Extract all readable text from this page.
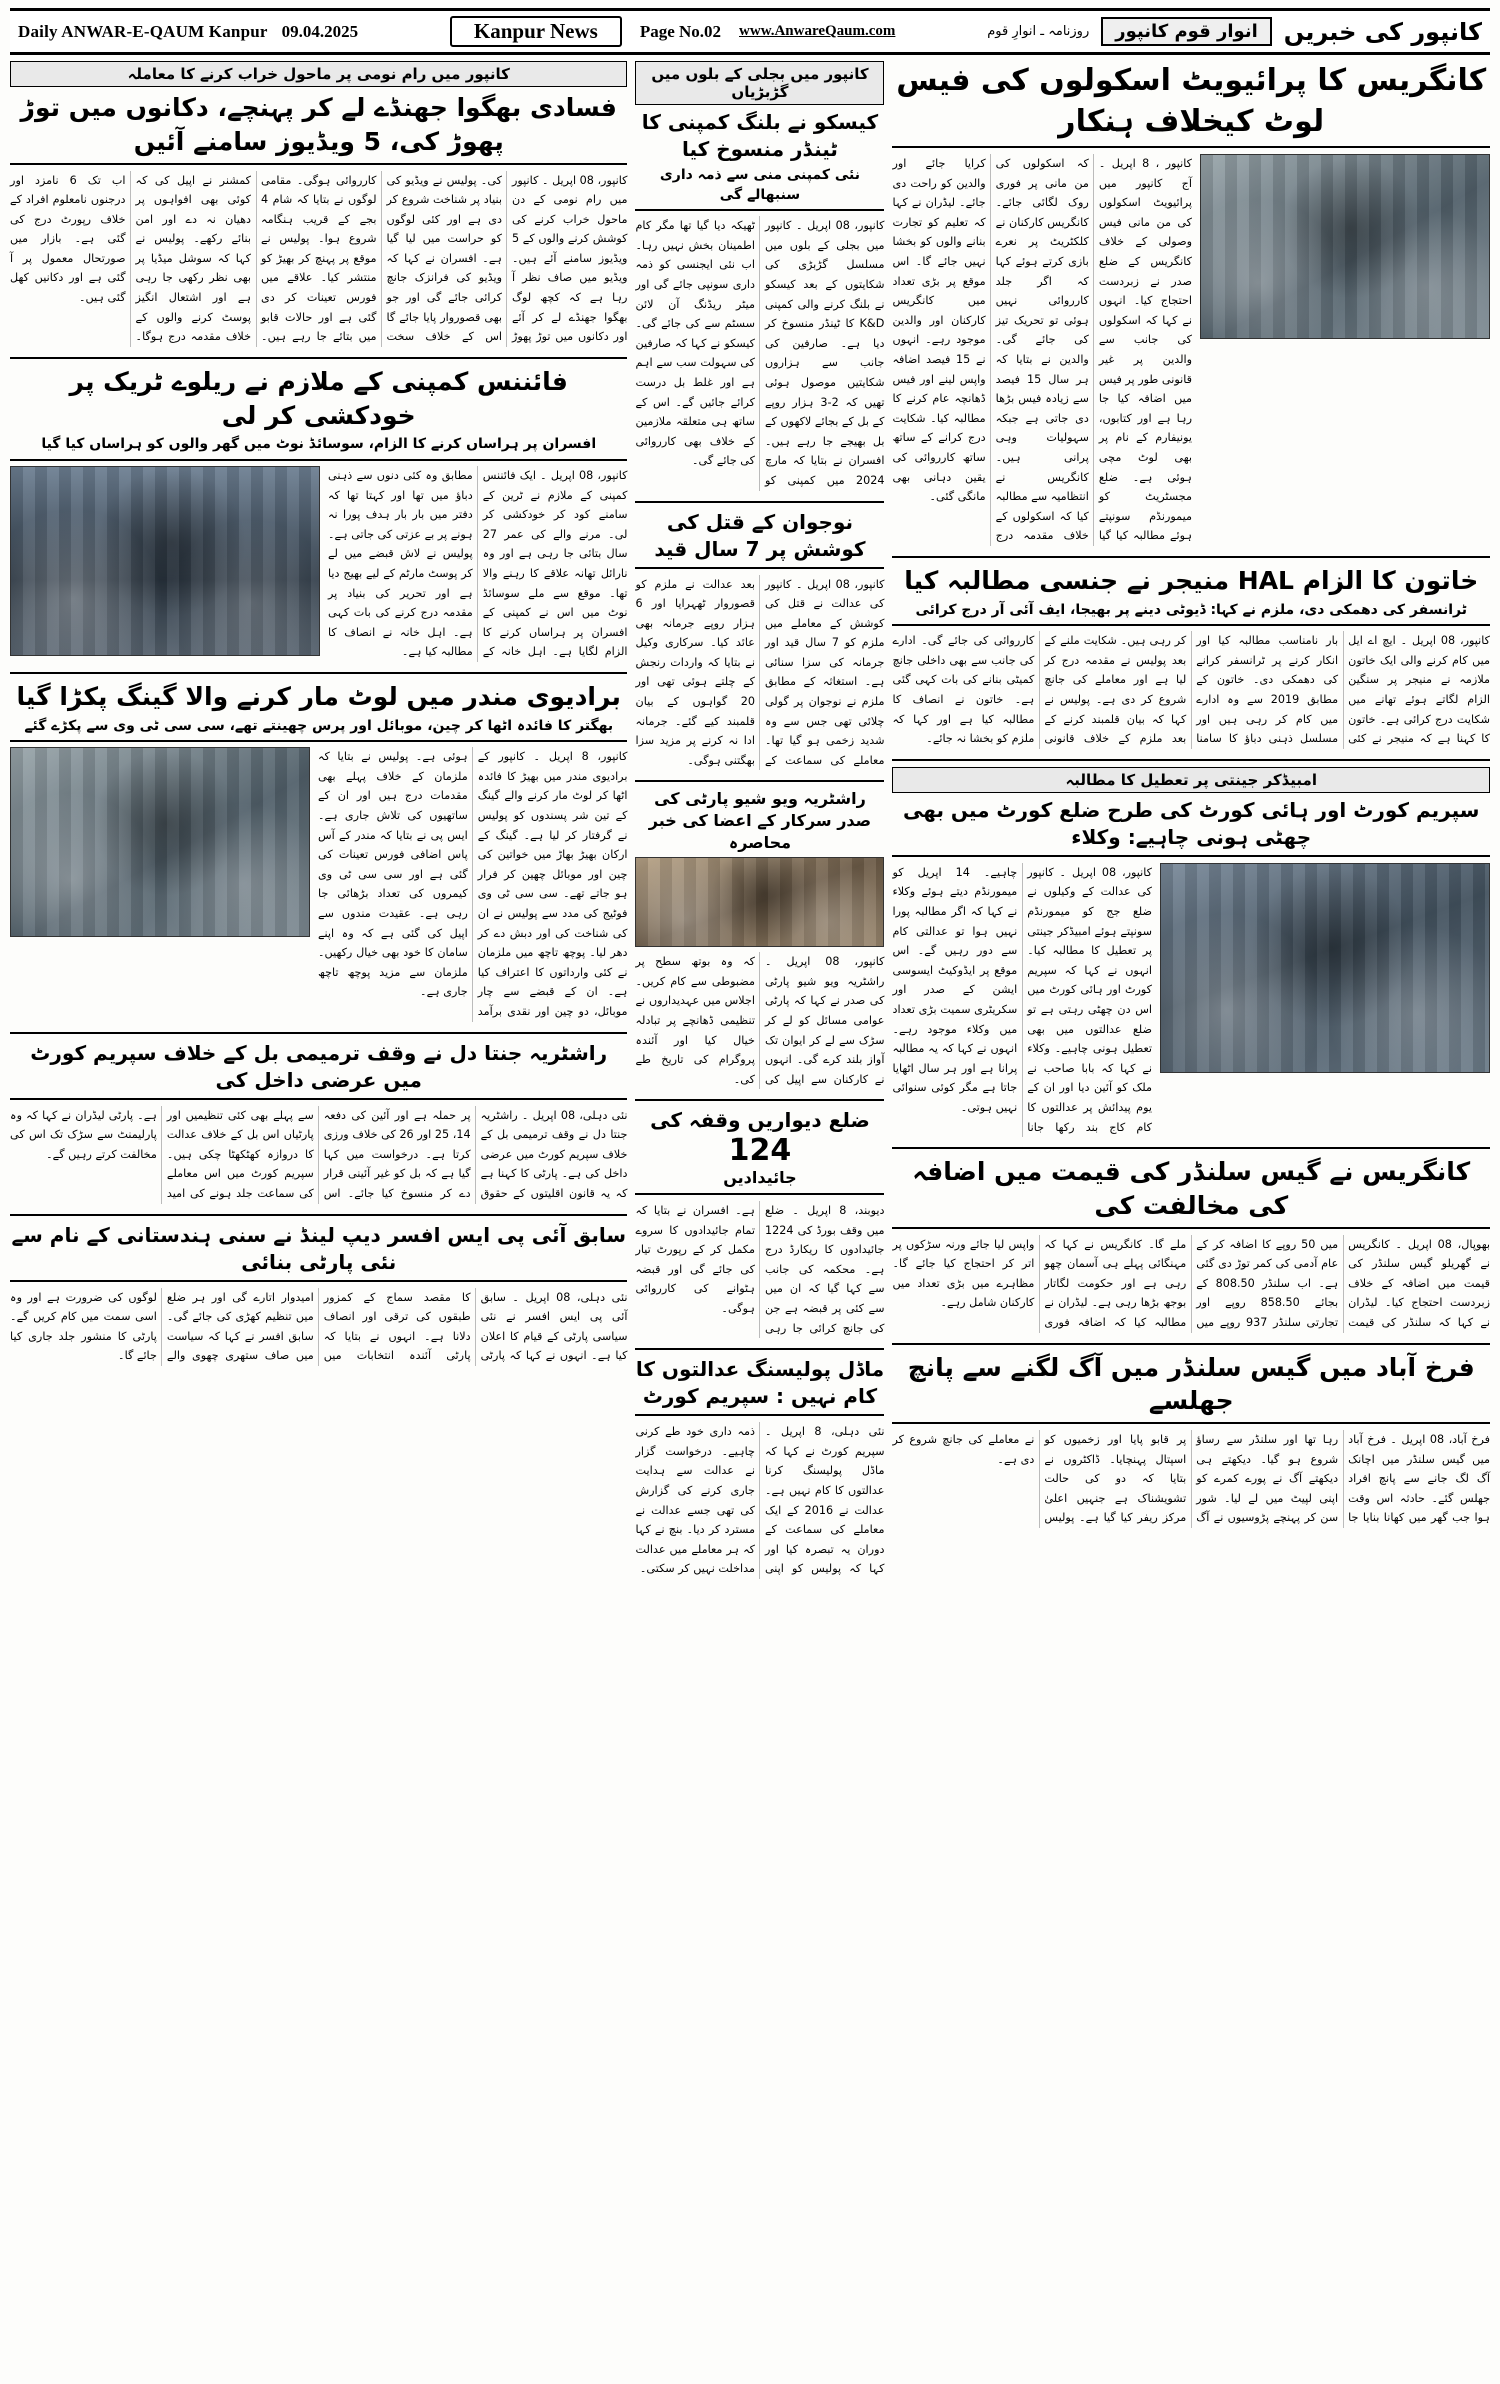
Daily ANWAR-E-QAUM Kanpur 09.04.2025	Kanpur News	Page No.02 www.AnwareQaum.com	کانپور کی خبریں
انوار قوم کانپور
روزنامہ ـ انوارِ قوم
کانگریس کا پرائیویٹ اسکولوں کی فیس لوٹ کیخلاف ہنکار
کانپور ، 8 اپریل ۔ آج کانپور میں پرائیویٹ اسکولوں کی من مانی فیس وصولی کے خلاف کانگریس کے ضلع صدر نے زبردست احتجاج کیا۔ انہوں نے کہا کہ اسکولوں کی جانب سے والدین پر غیر قانونی طور پر فیس میں اضافہ کیا جا رہا ہے اور کتابوں، یونیفارم کے نام پر بھی لوٹ مچی ہوئی ہے۔ ضلع مجسٹریٹ کو میمورنڈم سونپتے ہوئے مطالبہ کیا گیا کہ اسکولوں کی من مانی پر فوری روک لگائی جائے۔ کانگریس کارکنان نے کلکٹریٹ پر نعرے بازی کرتے ہوئے کہا کہ اگر جلد کارروائی نہیں ہوئی تو تحریک تیز کی جائے گی۔ والدین نے بتایا کہ ہر سال 15 فیصد سے زیادہ فیس بڑھا دی جاتی ہے جبکہ سہولیات وہی پرانی ہیں۔ کانگریس نے انتظامیہ سے مطالبہ کیا کہ اسکولوں کے خلاف مقدمہ درج کرایا جائے اور والدین کو راحت دی جائے۔ لیڈران نے کہا کہ تعلیم کو تجارت بنانے والوں کو بخشا نہیں جائے گا۔ اس موقع پر بڑی تعداد میں کانگریس کارکنان اور والدین موجود رہے۔ انہوں نے 15 فیصد اضافہ واپس لینے اور فیس ڈھانچہ عام کرنے کا مطالبہ کیا۔ شکایت درج کرانے کے ساتھ ساتھ کارروائی کی یقین دہانی بھی مانگی گئی۔
خاتون کا الزام HAL منیجر نے جنسی مطالبہ کیا
ٹرانسفر کی دھمکی دی، ملزم نے کہا: ڈیوٹی دینے پر بھیجا، ایف آئی آر درج کرائی
کانپور، 08 اپریل ۔ ایچ اے ایل میں کام کرنے والی ایک خاتون ملازمہ نے منیجر پر سنگین الزام لگاتے ہوئے تھانے میں شکایت درج کرائی ہے۔ خاتون کا کہنا ہے کہ منیجر نے کئی بار نامناسب مطالبہ کیا اور انکار کرنے پر ٹرانسفر کرانے کی دھمکی دی۔ خاتون کے مطابق 2019 سے وہ ادارے میں کام کر رہی ہیں اور مسلسل ذہنی دباؤ کا سامنا کر رہی ہیں۔ شکایت ملنے کے بعد پولیس نے مقدمہ درج کر لیا ہے اور معاملے کی جانچ شروع کر دی ہے۔ پولیس نے کہا کہ بیان قلمبند کرنے کے بعد ملزم کے خلاف قانونی کارروائی کی جائے گی۔ ادارے کی جانب سے بھی داخلی جانچ کمیٹی بنانے کی بات کہی گئی ہے۔ خاتون نے انصاف کا مطالبہ کیا ہے اور کہا کہ ملزم کو بخشا نہ جائے۔
امبیڈکر جینتی پر تعطیل کا مطالبہ
سپریم کورٹ اور ہائی کورٹ کی طرح ضلع کورٹ میں بھی چھٹی ہونی چاہیے: وکلاء
کانپور، 08 اپریل ۔ کانپور کی عدالت کے وکیلوں نے ضلع جج کو میمورنڈم سونپتے ہوئے امبیڈکر جینتی پر تعطیل کا مطالبہ کیا۔ انہوں نے کہا کہ سپریم کورٹ اور ہائی کورٹ میں اس دن چھٹی رہتی ہے تو ضلع عدالتوں میں بھی تعطیل ہونی چاہیے۔ وکلاء نے کہا کہ بابا صاحب نے ملک کو آئین دیا اور ان کے یوم پیدائش پر عدالتوں کا کام کاج بند رکھا جانا چاہیے۔ 14 اپریل کو میمورنڈم دیتے ہوئے وکلاء نے کہا کہ اگر مطالبہ پورا نہیں ہوا تو عدالتی کام سے دور رہیں گے۔ اس موقع پر ایڈوکیٹ ایسوسی ایشن کے صدر اور سکریٹری سمیت بڑی تعداد میں وکلاء موجود رہے۔ انہوں نے کہا کہ یہ مطالبہ پرانا ہے اور ہر سال اٹھایا جاتا ہے مگر کوئی سنوائی نہیں ہوتی۔
کانگریس نے گیس سلنڈر کی قیمت میں اضافہ کی مخالفت کی
بھوپال، 08 اپریل ۔ کانگریس نے گھریلو گیس سلنڈر کی قیمت میں اضافہ کے خلاف زبردست احتجاج کیا۔ لیڈران نے کہا کہ سلنڈر کی قیمت میں 50 روپے کا اضافہ کر کے عام آدمی کی کمر توڑ دی گئی ہے۔ اب سلنڈر 808.50 کے بجائے 858.50 روپے اور تجارتی سلنڈر 937 روپے میں ملے گا۔ کانگریس نے کہا کہ مہنگائی پہلے ہی آسمان چھو رہی ہے اور حکومت لگاتار بوجھ بڑھا رہی ہے۔ لیڈران نے مطالبہ کیا کہ اضافہ فوری واپس لیا جائے ورنہ سڑکوں پر اتر کر احتجاج کیا جائے گا۔ مظاہرے میں بڑی تعداد میں کارکنان شامل رہے۔
فرخ آباد میں گیس سلنڈر میں آگ لگنے سے پانچ جھلسے
فرخ آباد، 08 اپریل ۔ فرخ آباد میں گیس سلنڈر میں اچانک آگ لگ جانے سے پانچ افراد جھلس گئے۔ حادثہ اس وقت ہوا جب گھر میں کھانا بنایا جا رہا تھا اور سلنڈر سے رساؤ شروع ہو گیا۔ دیکھتے ہی دیکھتے آگ نے پورے کمرے کو اپنی لپیٹ میں لے لیا۔ شور سن کر پہنچے پڑوسیوں نے آگ پر قابو پایا اور زخمیوں کو اسپتال پہنچایا۔ ڈاکٹروں نے بتایا کہ دو کی حالت تشویشناک ہے جنہیں اعلیٰ مرکز ریفر کیا گیا ہے۔ پولیس نے معاملے کی جانچ شروع کر دی ہے۔
کانپور میں بجلی کے بلوں میں گڑبڑیاں
کیسکو نے بلنگ کمپنی کا ٹینڈر منسوخ کیا
نئی کمپنی منی سے ذمہ داری سنبھالے گی
کانپور، 08 اپریل ۔ کانپور میں بجلی کے بلوں میں مسلسل گڑبڑی کی شکایتوں کے بعد کیسکو نے بلنگ کرنے والی کمپنی K&D کا ٹینڈر منسوخ کر دیا ہے۔ صارفین کی جانب سے ہزاروں شکایتیں موصول ہوئی تھیں کہ 2-3 ہزار روپے کے بل کے بجائے لاکھوں کے بل بھیجے جا رہے ہیں۔ افسران نے بتایا کہ مارچ 2024 میں کمپنی کو ٹھیکہ دیا گیا تھا مگر کام اطمینان بخش نہیں رہا۔ اب نئی ایجنسی کو ذمہ داری سونپی جائے گی اور میٹر ریڈنگ آن لائن سسٹم سے کی جائے گی۔ کیسکو نے کہا کہ صارفین کی سہولت سب سے اہم ہے اور غلط بل درست کرائے جائیں گے۔ اس کے ساتھ ہی متعلقہ ملازمین کے خلاف بھی کارروائی کی جائے گی۔
نوجوان کے قتل کی کوشش پر 7 سال قید
کانپور، 08 اپریل ۔ کانپور کی عدالت نے قتل کی کوشش کے معاملے میں ملزم کو 7 سال قید اور جرمانہ کی سزا سنائی ہے۔ استغاثہ کے مطابق ملزم نے نوجوان پر گولی چلائی تھی جس سے وہ شدید زخمی ہو گیا تھا۔ معاملے کی سماعت کے بعد عدالت نے ملزم کو قصوروار ٹھہرایا اور 6 ہزار روپے جرمانہ بھی عائد کیا۔ سرکاری وکیل نے بتایا کہ واردات رنجش کے چلتے ہوئی تھی اور 20 گواہوں کے بیان قلمبند کیے گئے۔ جرمانہ ادا نہ کرنے پر مزید سزا بھگتنی ہوگی۔
راشٹریہ ویو شیو پارٹی کی صدر سرکار کے اعضا کی خبر محاصرہ
کانپور، 08 اپریل ۔ راشٹریہ ویو شیو پارٹی کی صدر نے کہا کہ پارٹی عوامی مسائل کو لے کر سڑک سے لے کر ایوان تک آواز بلند کرے گی۔ انہوں نے کارکنان سے اپیل کی کہ وہ بوتھ سطح پر مضبوطی سے کام کریں۔ اجلاس میں عہدیداروں نے تنظیمی ڈھانچے پر تبادلہ خیال کیا اور آئندہ پروگرام کی تاریخ طے کی۔
ضلع دیواریں وقفہ کی
124
جائیدادیں
دیوبند، 8 اپریل ۔ ضلع میں وقف بورڈ کی 1224 جائیدادوں کا ریکارڈ درج ہے۔ محکمہ کی جانب سے کہا گیا کہ ان میں سے کئی پر قبضہ ہے جن کی جانچ کرائی جا رہی ہے۔ افسران نے بتایا کہ تمام جائیدادوں کا سروے مکمل کر کے رپورٹ تیار کی جائے گی اور قبضہ ہٹوانے کی کارروائی ہوگی۔
ماڈل پولیسنگ عدالتوں کا کام نہیں : سپریم کورٹ
نئی دہلی، 8 اپریل ۔ سپریم کورٹ نے کہا کہ ماڈل پولیسنگ کرنا عدالتوں کا کام نہیں ہے۔ عدالت نے 2016 کے ایک معاملے کی سماعت کے دوران یہ تبصرہ کیا اور کہا کہ پولیس کو اپنی ذمہ داری خود طے کرنی چاہیے۔ درخواست گزار نے عدالت سے ہدایت جاری کرنے کی گزارش کی تھی جسے عدالت نے مسترد کر دیا۔ بنچ نے کہا کہ ہر معاملے میں عدالت مداخلت نہیں کر سکتی۔
کانپور میں رام نومی پر ماحول خراب کرنے کا معاملہ
فسادی بھگوا جھنڈے لے کر پہنچے، دکانوں میں توڑ پھوڑ کی، 5 ویڈیوز سامنے آئیں
کانپور، 08 اپریل ۔ کانپور میں رام نومی کے دن ماحول خراب کرنے کی کوشش کرنے والوں کے 5 ویڈیوز سامنے آئے ہیں۔ ویڈیو میں صاف نظر آ رہا ہے کہ کچھ لوگ بھگوا جھنڈے لے کر آئے اور دکانوں میں توڑ پھوڑ کی۔ پولیس نے ویڈیو کی بنیاد پر شناخت شروع کر دی ہے اور کئی لوگوں کو حراست میں لیا گیا ہے۔ افسران نے کہا کہ ویڈیو کی فرانزک جانچ کرائی جائے گی اور جو بھی قصوروار پایا جائے گا اس کے خلاف سخت کارروائی ہوگی۔ مقامی لوگوں نے بتایا کہ شام 4 بجے کے قریب ہنگامہ شروع ہوا۔ پولیس نے موقع پر پہنچ کر بھیڑ کو منتشر کیا۔ علاقے میں فورس تعینات کر دی گئی ہے اور حالات قابو میں بتائے جا رہے ہیں۔ کمشنر نے اپیل کی کہ کوئی بھی افواہوں پر دھیان نہ دے اور امن بنائے رکھے۔ پولیس نے کہا کہ سوشل میڈیا پر بھی نظر رکھی جا رہی ہے اور اشتعال انگیز پوسٹ کرنے والوں کے خلاف مقدمہ درج ہوگا۔ اب تک 6 نامزد اور درجنوں نامعلوم افراد کے خلاف رپورٹ درج کی گئی ہے۔ بازار میں صورتحال معمول پر آ گئی ہے اور دکانیں کھل گئی ہیں۔
فائننس کمپنی کے ملازم نے ریلوے ٹریک پر خودکشی کر لی
افسران پر ہراساں کرنے کا الزام، سوسائڈ نوٹ میں گھر والوں کو ہراساں کیا گیا
کانپور، 08 اپریل ۔ ایک فائننس کمپنی کے ملازم نے ٹرین کے سامنے کود کر خودکشی کر لی۔ مرنے والے کی عمر 27 سال بتائی جا رہی ہے اور وہ نارائل تھانہ علاقے کا رہنے والا تھا۔ موقع سے ملے سوسائڈ نوٹ میں اس نے کمپنی کے افسران پر ہراساں کرنے کا الزام لگایا ہے۔ اہل خانہ کے مطابق وہ کئی دنوں سے ذہنی دباؤ میں تھا اور کہتا تھا کہ دفتر میں بار بار ہدف پورا نہ ہونے پر بے عزتی کی جاتی ہے۔ پولیس نے لاش قبضے میں لے کر پوسٹ مارٹم کے لیے بھیج دیا ہے اور تحریر کی بنیاد پر مقدمہ درج کرنے کی بات کہی ہے۔ اہل خانہ نے انصاف کا مطالبہ کیا ہے۔
برادیوی مندر میں لوٹ مار کرنے والا گینگ پکڑا گیا
بھگتر کا فائدہ اٹھا کر چین، موبائل اور پرس چھینتے تھے، سی سی ٹی وی سے پکڑے گئے
کانپور، 8 اپریل ۔ کانپور کے برادیوی مندر میں بھیڑ کا فائدہ اٹھا کر لوٹ مار کرنے والے گینگ کے تین شر پسندوں کو پولیس نے گرفتار کر لیا ہے۔ گینگ کے ارکان بھیڑ بھاڑ میں خواتین کی چین اور موبائل چھین کر فرار ہو جاتے تھے۔ سی سی ٹی وی فوٹیج کی مدد سے پولیس نے ان کی شناخت کی اور دبش دے کر دھر لیا۔ پوچھ تاچھ میں ملزمان نے کئی وارداتوں کا اعتراف کیا ہے۔ ان کے قبضے سے چار موبائل، دو چین اور نقدی برآمد ہوئی ہے۔ پولیس نے بتایا کہ ملزمان کے خلاف پہلے بھی مقدمات درج ہیں اور ان کے ساتھیوں کی تلاش جاری ہے۔ ایس پی نے بتایا کہ مندر کے آس پاس اضافی فورس تعینات کی گئی ہے اور سی سی ٹی وی کیمروں کی تعداد بڑھائی جا رہی ہے۔ عقیدت مندوں سے اپیل کی گئی ہے کہ وہ اپنے سامان کا خود بھی خیال رکھیں۔ ملزمان سے مزید پوچھ تاچھ جاری ہے۔
راشٹریہ جنتا دل نے وقف ترمیمی بل کے خلاف سپریم کورٹ میں عرضی داخل کی
نئی دہلی، 08 اپریل ۔ راشٹریہ جنتا دل نے وقف ترمیمی بل کے خلاف سپریم کورٹ میں عرضی داخل کی ہے۔ پارٹی کا کہنا ہے کہ یہ قانون اقلیتوں کے حقوق پر حملہ ہے اور آئین کی دفعہ 14، 25 اور 26 کی خلاف ورزی کرتا ہے۔ درخواست میں کہا گیا ہے کہ بل کو غیر آئینی قرار دے کر منسوخ کیا جائے۔ اس سے پہلے بھی کئی تنظیمیں اور پارٹیاں اس بل کے خلاف عدالت کا دروازہ کھٹکھٹا چکی ہیں۔ سپریم کورٹ میں اس معاملے کی سماعت جلد ہونے کی امید ہے۔ پارٹی لیڈران نے کہا کہ وہ پارلیمنٹ سے سڑک تک اس کی مخالفت کرتے رہیں گے۔
سابق آئی پی ایس افسر دیپ لینڈ نے سنی ہندستانی کے نام سے نئی پارٹی بنائی
نئی دہلی، 08 اپریل ۔ سابق آئی پی ایس افسر نے نئی سیاسی پارٹی کے قیام کا اعلان کیا ہے۔ انہوں نے کہا کہ پارٹی کا مقصد سماج کے کمزور طبقوں کی ترقی اور انصاف دلانا ہے۔ انہوں نے بتایا کہ پارٹی آئندہ انتخابات میں امیدوار اتارے گی اور ہر ضلع میں تنظیم کھڑی کی جائے گی۔ سابق افسر نے کہا کہ سیاست میں صاف ستھری چھوی والے لوگوں کی ضرورت ہے اور وہ اسی سمت میں کام کریں گے۔ پارٹی کا منشور جلد جاری کیا جائے گا۔
